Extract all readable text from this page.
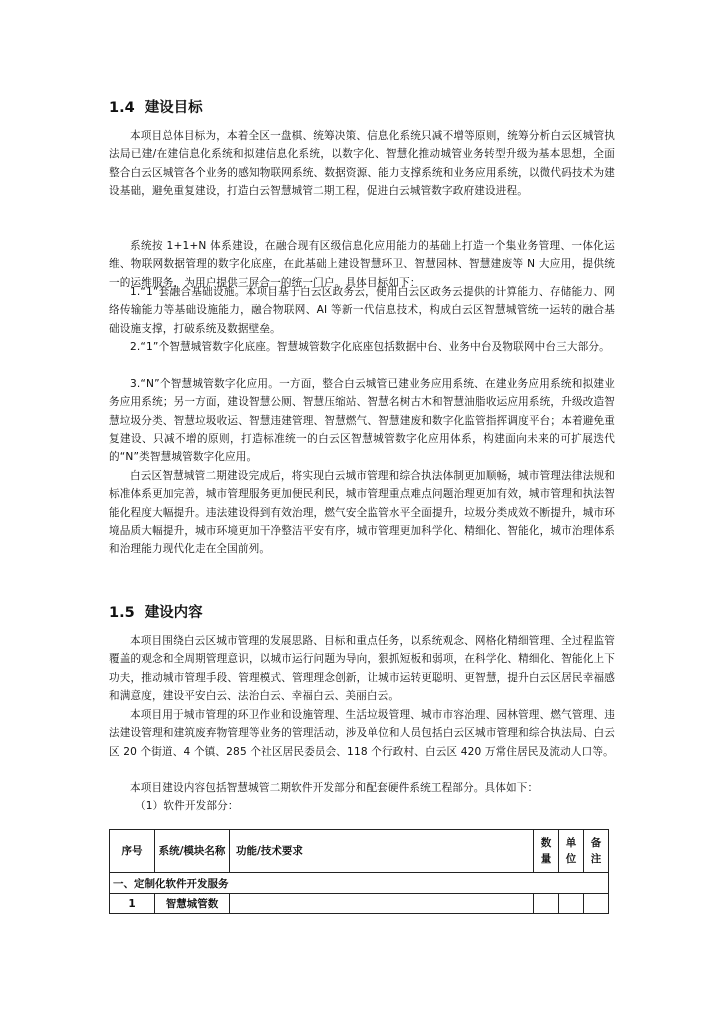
1.4 建设目标

本项目总体目标为，本着全区一盘棋、统筹决策、信息化系统只减不增等原则，统筹分析白云区城管执法局已建/在建信息化系统和拟建信息化系统，以数字化、智慧化推动城管业务转型升级为基本思想，全面整合白云区城管各个业务的感知物联网系统、数据资源、能力支撑系统和业务应用系统，以微代码技术为建设基础，避免重复建设，打造白云智慧城管二期工程，促进白云城管数字政府建设进程。

系统按 1+1+N 体系建设，在融合现有区级信息化应用能力的基础上打造一个集业务管理、一体化运维、物联网数据管理的数字化底座，在此基础上建设智慧环卫、智慧园林、智慧建废等 N 大应用，提供统一的运维服务，为用户提供三屏合一的统一门户。具体目标如下：

1.“1”套融合基础设施。本项目基于白云区政务云，使用白云区政务云提供的计算能力、存储能力、网络传输能力等基础设施能力，融合物联网、AI 等新一代信息技术，构成白云区智慧城管统一运转的融合基础设施支撑，打破系统及数据壁垒。

2.“1”个智慧城管数字化底座。智慧城管数字化底座包括数据中台、业务中台及物联网中台三大部分。

3.“N”个智慧城管数字化应用。一方面，整合白云城管已建业务应用系统、在建业务应用系统和拟建业务应用系统；另一方面，建设智慧公厕、智慧压缩站、智慧名树古木和智慧油脂收运应用系统，升级改造智慧垃圾分类、智慧垃圾收运、智慧违建管理、智慧燃气、智慧建废和数字化监管指挥调度平台；本着避免重复建设、只减不增的原则，打造标准统一的白云区智慧城管数字化应用体系，构建面向未来的可扩展迭代的“N”类智慧城管数字化应用。

白云区智慧城管二期建设完成后，将实现白云城市管理和综合执法体制更加顺畅，城市管理法律法规和标准体系更加完善，城市管理服务更加便民利民，城市管理重点难点问题治理更加有效，城市管理和执法智能化程度大幅提升。违法建设得到有效治理，燃气安全监管水平全面提升，垃圾分类成效不断提升，城市环境品质大幅提升，城市环境更加干净整洁平安有序，城市管理更加科学化、精细化、智能化，城市治理体系和治理能力现代化走在全国前列。

1.5 建设内容

本项目围绕白云区城市管理的发展思路、目标和重点任务，以系统观念、网格化精细管理、全过程监管覆盖的观念和全周期管理意识，以城市运行问题为导向，狠抓短板和弱项，在科学化、精细化、智能化上下功夫，推动城市管理手段、管理模式、管理理念创新，让城市运转更聪明、更智慧，提升白云区居民幸福感和满意度，建设平安白云、法治白云、幸福白云、美丽白云。

本项目用于城市管理的环卫作业和设施管理、生活垃圾管理、城市市容治理、园林管理、燃气管理、违法建设管理和建筑废弃物管理等业务的管理活动，涉及单位和人员包括白云区城市管理和综合执法局、白云区 20 个街道、4 个镇、285 个社区居民委员会、118 个行政村、白云区 420 万常住居民及流动人口等。

本项目建设内容包括智慧城管二期软件开发部分和配套硬件系统工程部分。具体如下：

（1）软件开发部分：

序号	系统/模块名称	功能/技术要求	数量	单位	备注
一、定制化软件开发服务					
1	智慧城管数				
